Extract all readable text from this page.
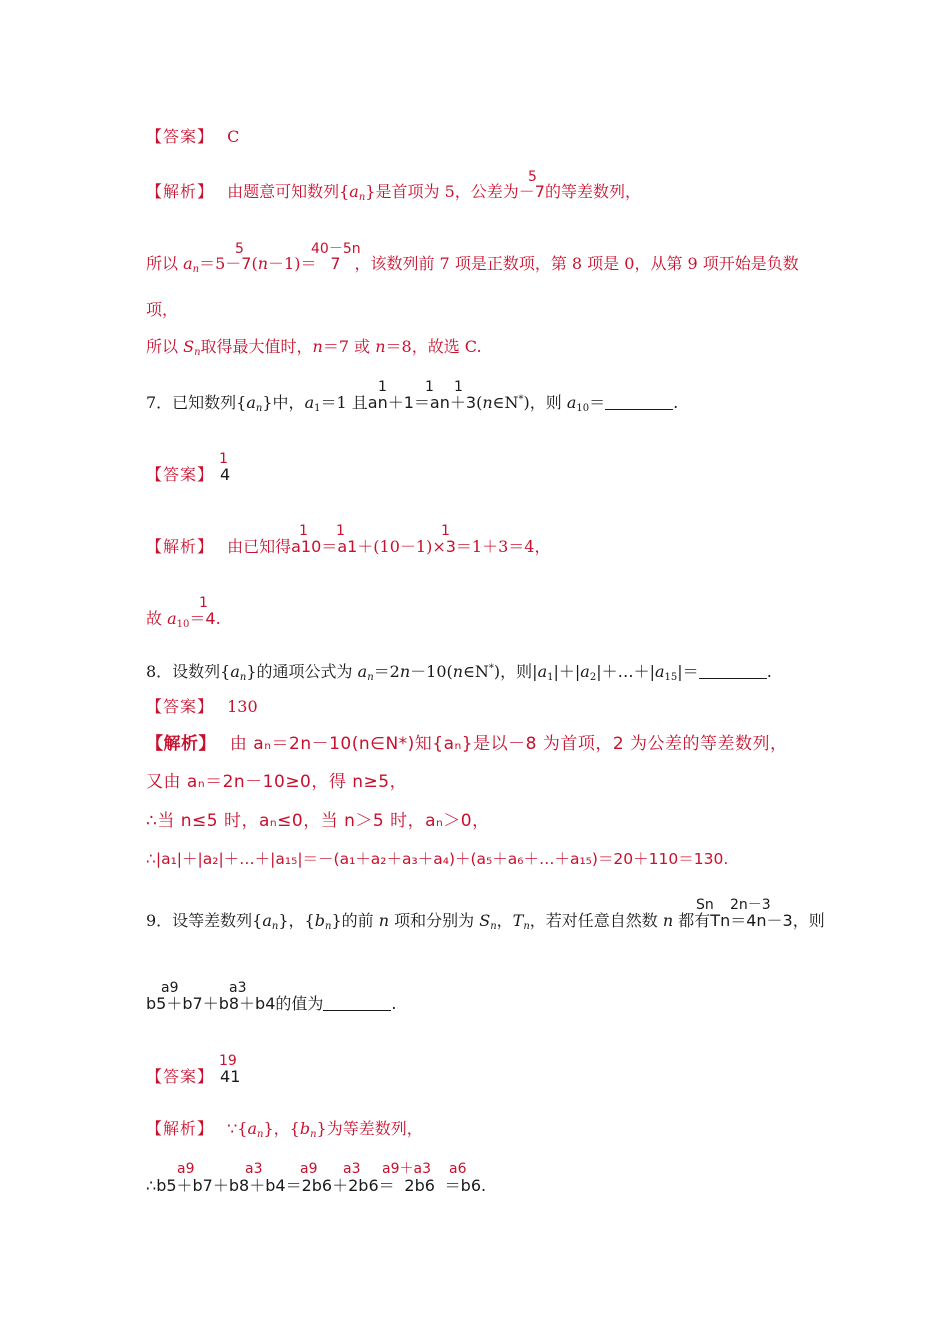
【答案】 C
5
【解析】 由题意可知数列$\{a_n\}$是首项为 5，公差为－7的等差数列，
5	40－5n
所以 $a_n=5-7(n-1)= 7$ ，该数列前 7 项是正数项，第 8 项是 0，从第 9 项开始是负数
项，
所以 $S_n$取得最大值时，n＝7 或 n＝8，故选 C.
1	1 1
7．已知数列$\{a_n\}$中，$a_1=1$ 且an＋1＝an＋3(n∈N*)，则 $a_{10}=$	.
1
【答案】 4
1 1	1
【解析】 由已知得a10＝a1＋(10－1)×3＝1＋3＝4，
1
故 $a_{10}=4$.
8．设数列$\{a_n\}$的通项公式为 $a_n=2n-10(n\in N^*)$，则$|a_1|+|a_2|+\dots+|a_{15}|=$	.
【答案】 130
【解析】 由 aₙ＝2n－10(n∈N*)知{aₙ}是以－8 为首项，2 为公差的等差数列，
又由 aₙ＝2n－10≥0，得 n≥5，
∴当 n≤5 时，aₙ≤0，当 n＞5 时，aₙ＞0，
∴|a₁|＋|a₂|＋…＋|a₁₅|＝－(a₁＋a₂＋a₃＋a₄)＋(a₅＋a₆＋…＋a₁₅)＝20＋110＝130.
Sn 2n－3
9．设等差数列$\{a_n\}$，$\{b_n\}$的前 n 项和分别为 $S_n$，$T_n$，若对任意自然数 n 都有Tn＝4n－3，则
a9	a3
b5＋b7＋b8＋b4的值为	.
19
【答案】 41
【解析】 $\because\{a_n\}$，$\{b_n\}$为等差数列，
a9	a3	a9 a3 a9＋a3 a6
∴b5＋b7＋b8＋b4＝2b6＋2b6＝ 2b6 ＝b6.
